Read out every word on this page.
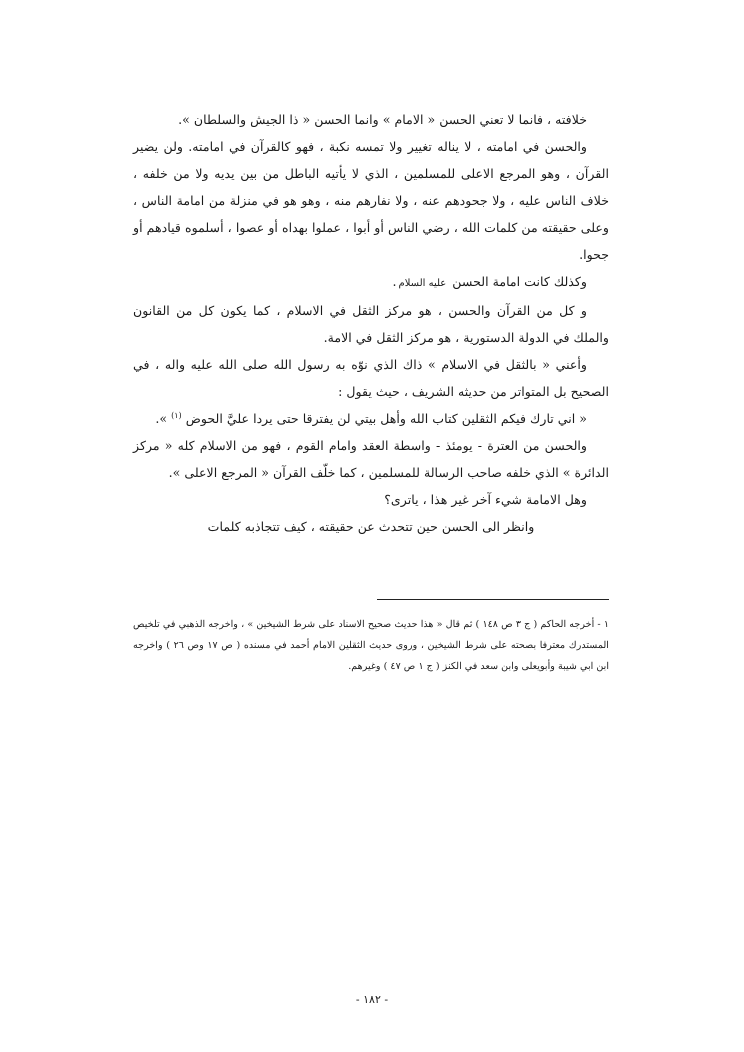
خلافته ، فانما لا تعني الحسن « الامام » وانما الحسن « ذا الجيش والسلطان ».

والحسن في امامته ، لا يناله تغيير ولا تمسه نكبة ، فهو كالقرآن في امامته. ولن يضير القرآن ، وهو المرجع الاعلى للمسلمين ، الذي لا يأتيه الباطل من بين يديه ولا من خلفه ، خلاف الناس عليه ، ولا جحودهم عنه ، ولا نفارهم منه ، وهو هو في منزلة من امامة الناس ، وعلى حقيقته من كلمات الله ، رضي الناس أو أبوا ، عملوا بهداه أو عصوا ، أسلموه قيادهم أو جحوا.

وكذلك كانت امامة الحسن عليه السلام.

و كل من القرآن والحسن ، هو مركز الثقل في الاسلام ، كما يكون كل من القانون والملك في الدولة الدستورية ، هو مركز الثقل في الامة.

وأعني « بالثقل في الاسلام » ذاك الذي نوّه به رسول الله صلى الله عليه واله ، في الصحيح بل المتواتر من حديثه الشريف ، حيث يقول :

« اني تارك فيكم الثقلين كتاب الله وأهل بيتي لن يفترقا حتى يردا عليَّ الحوض $^{(١)}$ ».

والحسن من العترة - يومئذ - واسطة العقد وامام القوم ، فهو من الاسلام كله « مركز الدائرة » الذي خلفه صاحب الرسالة للمسلمين ، كما خلّف القرآن « المرجع الاعلى ».

وهل الامامة شيء آخر غير هذا ، ياترى؟

وانظر الى الحسن حين تتحدث عن حقيقته ، كيف تتجاذبه كلمات

١ - أخرجه الحاكم ( ج ٣ ص ١٤٨ ) ثم قال « هذا حديث صحيح الاسناد على شرط الشيخين » ، واخرجه الذهبي في تلخيص المستدرك معترفا بصحته على شرط الشيخين ، وروى حديث الثقلين الامام أحمد في مسنده ( ص ١٧ وص ٢٦ ) واخرجه ابن ابي شيبة وأبويعلى وابن سعد في الكنز ( ج ١ ص ٤٧ ) وغيرهم.

- ١٨٢ -
